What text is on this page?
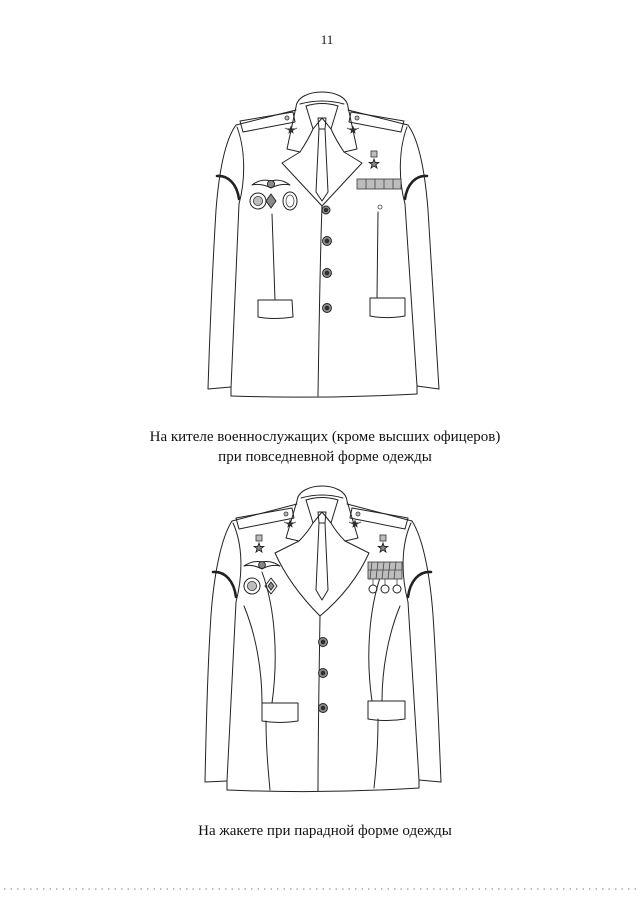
11
На кителе военнослужащих (кроме высших офицеров)
при повседневной форме одежды
На жакете при парадной форме одежды
